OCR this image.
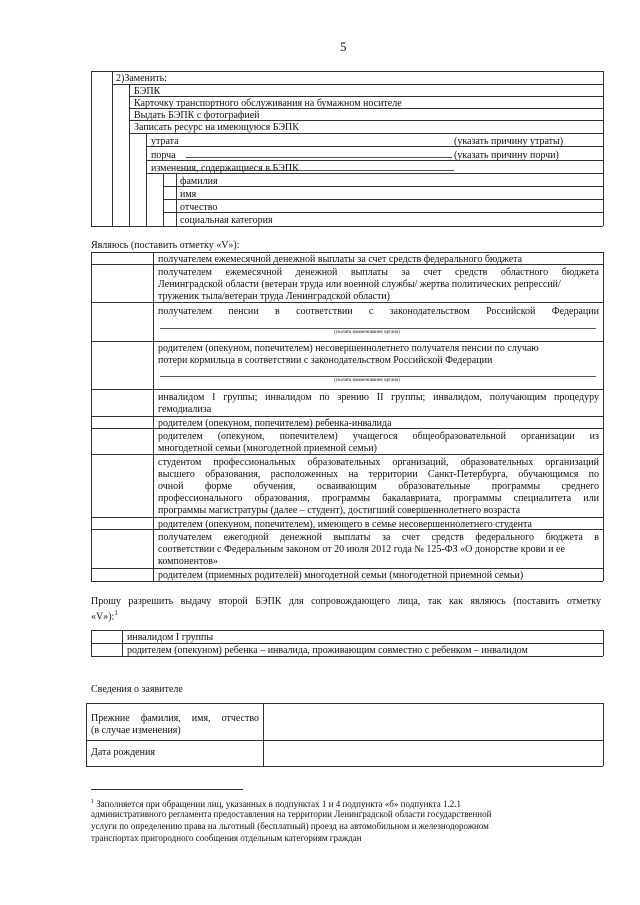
5
2)Заменить:
БЭПК
Карточку транспортного обслуживания на бумажном носителе
Выдать БЭПК с фотографией
Записать ресурс на имеющуюся БЭПК
утрата	(указать причину утраты)
порча	(указать причину порчи)
изменения, содержащиеся в БЭПК
фамилия
имя
отчество
социальная категория
Являюсь (поставить отметку «V»):
получателем ежемесячной денежной выплаты за счет средств федерального бюджета
получателем ежемесячной денежной выплаты за счет средств областного бюджета
Ленинградской области (ветеран труда или военной службы/ жертва политических репрессий/
труженик тыла/ветеран труда Ленинградской области)
получателем пенсии в соответствии с законодательством Российской Федерации
(указать наименование органа)
родителем (опекуном, попечителем) несовершеннолетнего получателя пенсии по случаю
потери кормильца в соответствии с законодательством Российской Федерации
(указать наименование органа)
инвалидом I группы; инвалидом по зрению II группы; инвалидом, получающим процедуру
гемодиализа
родителем (опекуном, попечителем) ребенка-инвалида
родителем (опекуном, попечителем) учащегося общеобразовательной организации из
многодетной семьи (многодетной приемной семьи)
студентом профессиональных образовательных организаций, образовательных организаций
высшего образования, расположенных на территории Санкт-Петербурга, обучающимся по
очной форме обучения, осваивающим образовательные программы среднего
профессионального образования, программы бакалавриата, программы специалитета или
программы магистратуры (далее – студент), достигший совершеннолетнего возраста
родителем (опекуном, попечителем), имеющего в семье несовершеннолетнего студента
получателем ежегодной денежной выплаты за счет средств федерального бюджета в
соответствии с Федеральным законом от 20 июля 2012 года № 125-ФЗ «О донорстве крови и ее
компонентов»
родителем (приемных родителей) многодетной семьи (многодетной приемной семьи)
Прошу разрешить выдачу второй БЭПК для сопровождающего лица, так как являюсь (поставить отметку
«V»):$^1$
инвалидом I группы
родителем (опекуном) ребенка – инвалида, проживающим совместно с ребенком – инвалидом
Сведения о заявителе
Прежние фамилия, имя, отчество
(в случае изменения)
Дата рождения
$^1$ Заполняется при обращении лиц, указанных в подпунктах 1 и 4 подпункта «б» подпункта 1.2.1
административного регламента предоставления на территории Ленинградской области государственной
услуги по определению права на льготный (бесплатный) проезд на автомобильном и железнодорожном
транспортах пригородного сообщения отдельным категориям граждан
